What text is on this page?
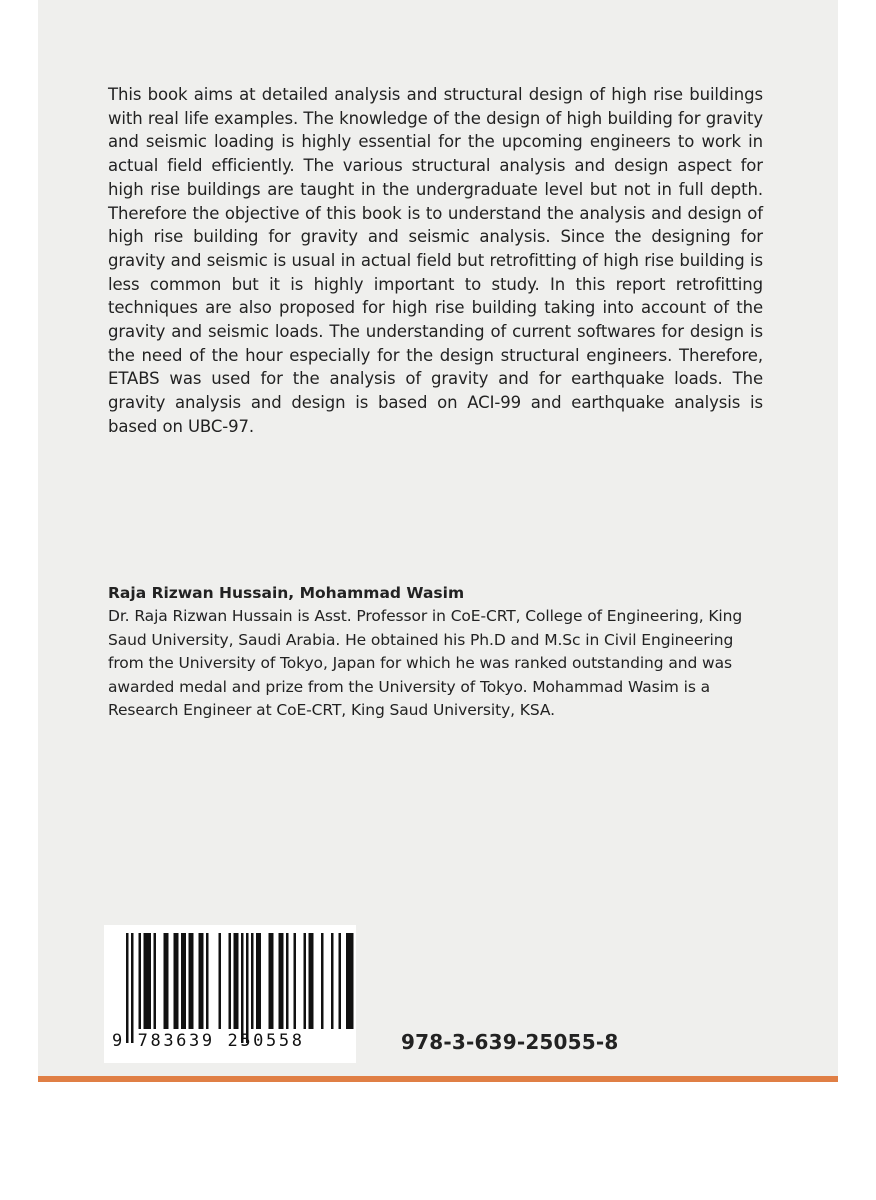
This book aims at detailed analysis and structural design of high rise buildings with real life examples. The knowledge of the design of high building for gravity and seismic loading is highly essential for the upcoming engineers to work in actual field efficiently. The various structural analysis and design aspect for high rise buildings are taught in the undergraduate level but not in full depth. Therefore the objective of this book is to understand the analysis and design of high rise building for gravity and seismic analysis. Since the designing for gravity and seismic is usual in actual field but retrofitting of high rise building is less common but it is highly important to study. In this report retrofitting techniques are also proposed for high rise building taking into account of the gravity and seismic loads. The understanding of current softwares for design is the need of the hour especially for the design structural engineers. Therefore, ETABS was used for the analysis of gravity and for earthquake loads. The gravity analysis and design is based on ACI-99 and earthquake analysis is based on UBC-97.

Raja Rizwan Hussain, Mohammad Wasim

Dr. Raja Rizwan Hussain is Asst. Professor in CoE-CRT, College of Engineering, King Saud University, Saudi Arabia. He obtained his Ph.D and M.Sc in Civil Engineering from the University of Tokyo, Japan for which he was ranked outstanding and was awarded medal and prize from the University of Tokyo. Mohammad Wasim is a Research Engineer at CoE-CRT, King Saud University, KSA.

9 783639 250558	978-3-639-25055-8
